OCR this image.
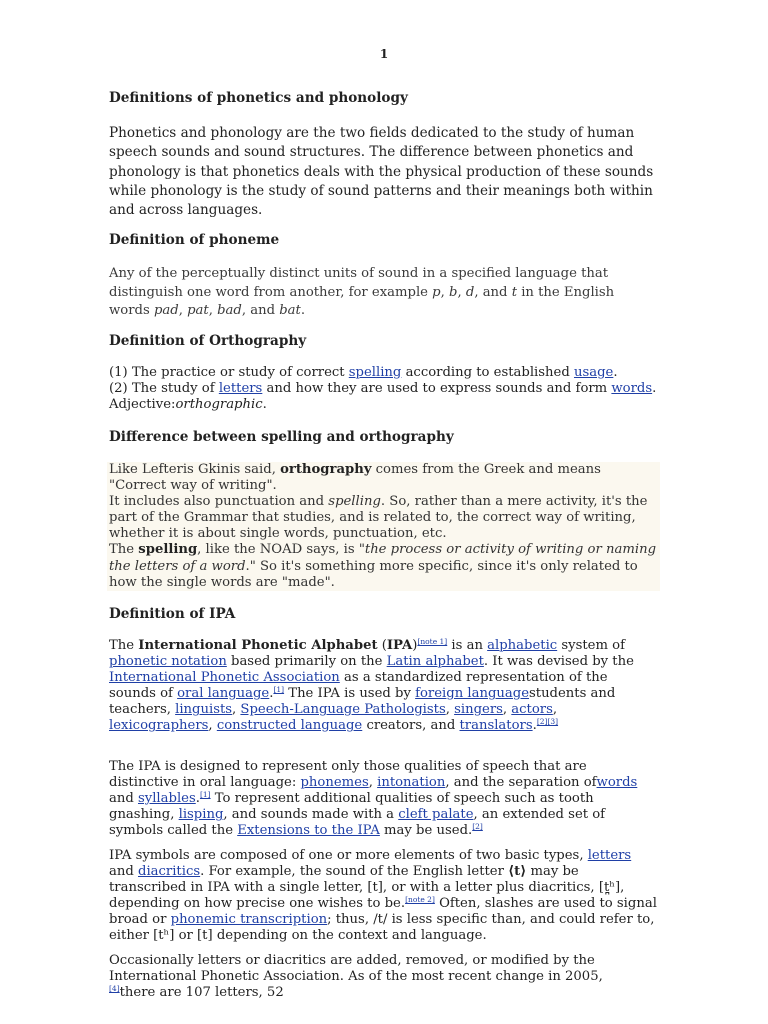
1
Definitions of phonetics and phonology

Phonetics and phonology are the two fields dedicated to the study of human speech sounds and sound structures. The difference between phonetics and phonology is that phonetics deals with the physical production of these sounds while phonology is the study of sound patterns and their meanings both within and across languages.

Definition of phoneme

Any of the perceptually distinct units of sound in a specified language that distinguish one word from another, for example p, b, d, and t in the English words pad, pat, bad, and bat.

Definition of Orthography
(1) The practice or study of correct spelling according to established usage.
(2) The study of letters and how they are used to express sounds and form words.
Adjective:orthographic.
Difference between spelling and orthography
Like Lefteris Gkinis said, orthography comes from the Greek and means "Correct way of writing".
It includes also punctuation and spelling. So, rather than a mere activity, it's the part of the Grammar that studies, and is related to, the correct way of writing, whether it is about single words, punctuation, etc.
The spelling, like the NOAD says, is "the process or activity of writing or naming the letters of a word." So it's something more specific, since it's only related to how the single words are "made".
Definition of IPA

The International Phonetic Alphabet (IPA)[note 1] is an alphabetic system of phonetic notation based primarily on the Latin alphabet. It was devised by the International Phonetic Association as a standardized representation of the sounds of oral language.[1] The IPA is used by foreign languagestudents and teachers, linguists, Speech-Language Pathologists, singers, actors, lexicographers, constructed language creators, and translators.[2][3]

The IPA is designed to represent only those qualities of speech that are distinctive in oral language: phonemes, intonation, and the separation ofwords and syllables.[1] To represent additional qualities of speech such as tooth gnashing, lisping, and sounds made with a cleft palate, an extended set of symbols called the Extensions to the IPA may be used.[2]

IPA symbols are composed of one or more elements of two basic types, letters and diacritics. For example, the sound of the English letter ⟨t⟩ may be transcribed in IPA with a single letter, [t], or with a letter plus diacritics, [t̪ʰ], depending on how precise one wishes to be.[note 2] Often, slashes are used to signal broad or phonemic transcription; thus, /t/ is less specific than, and could refer to, either [tʰ] or [t] depending on the context and language.

Occasionally letters or diacritics are added, removed, or modified by the International Phonetic Association. As of the most recent change in 2005,[4]there are 107 letters, 52
